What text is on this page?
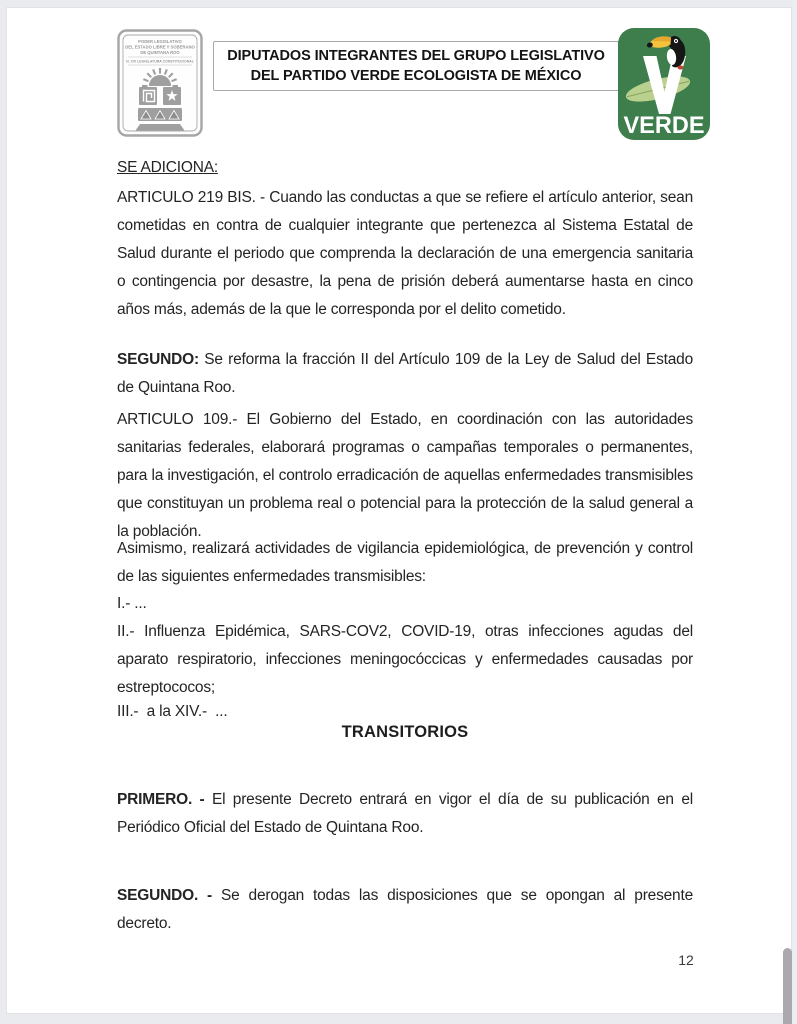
PODER LEGISLATIVO
DEL ESTADO LIBRE Y SOBERANO
DE QUINTANA ROO
H. XVI LEGISLATURA CONSTITUCIONAL DIPUTADOS INTEGRANTES DEL GRUPO LEGISLATIVO
DEL PARTIDO VERDE ECOLOGISTA DE MÉXICO
VERDE
SE ADICIONA:
ARTICULO 219 BIS. - Cuando las conductas a que se refiere el artículo anterior, sean cometidas en contra de cualquier integrante que pertenezca al Sistema Estatal de Salud durante el periodo que comprenda la declaración de una emergencia sanitaria o contingencia por desastre, la pena de prisión deberá aumentarse hasta en cinco años más, además de la que le corresponda por el delito cometido.
SEGUNDO: Se reforma la fracción II del Artículo 109 de la Ley de Salud del Estado de Quintana Roo.
ARTICULO 109.- El Gobierno del Estado, en coordinación con las autoridades sanitarias federales, elaborará programas o campañas temporales o permanentes, para la investigación, el controlo erradicación de aquellas enfermedades transmisibles que constituyan un problema real o potencial para la protección de la salud general a la población.
Asimismo, realizará actividades de vigilancia epidemiológica, de prevención y control de las siguientes enfermedades transmisibles:
I.- ...
II.- Influenza Epidémica, SARS-COV2, COVID-19, otras infecciones agudas del aparato respiratorio, infecciones meningocóccicas y enfermedades causadas por estreptococos;
III.-  a la XIV.-  ...
TRANSITORIOS
PRIMERO. - El presente Decreto entrará en vigor el día de su publicación en el Periódico Oficial del Estado de Quintana Roo.
SEGUNDO. - Se derogan todas las disposiciones que se opongan al presente decreto.
12
